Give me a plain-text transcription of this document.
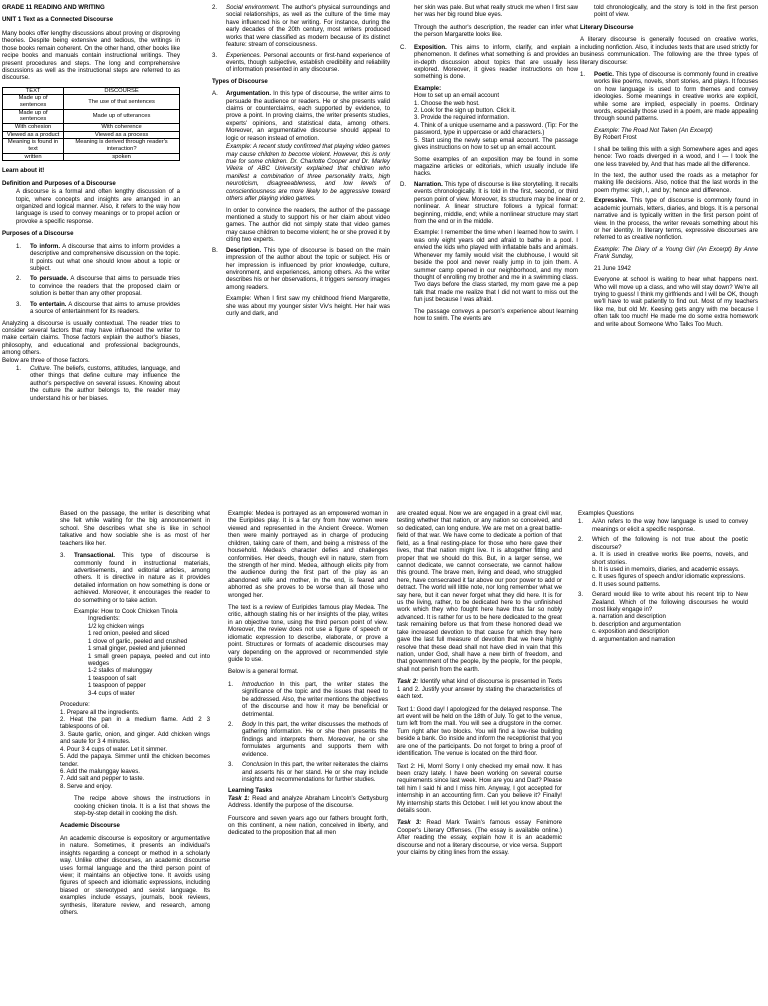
GRADE 11 READING AND WRITING

UNIT 1 Text as a Connected Discourse

Many books offer lengthy discussions about proving or disproving theories. Despite being extensive and tedious, the writings in those books remain coherent. On the other hand, other books like recipe books and manuals contain instructional writings. They present procedures and steps. The long and comprehensive discussions as well as the instructional steps are referred to as discourse.

TEXT	DISCOURSE
Made up of sentences	The use of that sentences
Made up of sentences	Made up of utterances
With cohesion	With coherence
Viewed as a product	Viewed as a process
Meaning is found in text	Meaning is derived through reader's interaction?
written	spoken

Learn about it!

Definition and Purposes of a Discourse

A discourse is a formal and often lengthy discussion of a topic, where concepts and insights are arranged in an organized and logical manner. Also, it refers to the way how language is used to convey meanings or to propel action or provoke a specific response.

Purposes of a Discourse

1. To inform. A discourse that aims to inform provides a descriptive and comprehensive discussion on the topic. It points out what one should know about a topic or subject.
2. To persuade. A discourse that aims to persuade tries to convince the readers that the proposed claim or solution is better than any other proposal.
3. To entertain. A discourse that aims to amuse provides a source of entertainment for its readers.

Analyzing a discourse is usually contextual. The reader tries to consider several factors that may have influenced the writer to make certain claims. Those factors explain the author's biases, philosophy, and educational and professional backgrounds, among others.

Below are three of those factors.

1. Culture. The beliefs, customs, attitudes, language, and other things that define culture may influence the author's perspective on several issues. Knowing about the culture the author belongs to, the reader may understand his or her biases.
2. Social environment. The author's physical surroundings and social relationships, as well as the culture of the time may have influenced his or her writing. For instance, during the early decades of the 20th century, most writers produced works that were classified as modern because of its distinct feature: stream of consciousness.
3. Experiences. Personal accounts or first-hand experience of events, though subjective, establish credibility and reliability of information presented in any discourse.

Types of Discourse

A. Argumentation. In this type of discourse, the writer aims to persuade the audience or readers. He or she presents valid claims or counterclaims, each supported by evidence, to prove a point. In proving claims, the writer presents studies, experts' opinions, and statistical data, among others. Moreover, an argumentative discourse should appeal to logic or reason instead of emotion.
Example: A recent study confirmed that playing video games may cause children to become violent. However, this is only true for some children. Dr. Charlotte Cooper and Dr. Marley Vileira of ABC University explained that children who manifest a combination of three personality traits, high neuroticism, disagreeableness, and low levels of conscientiousness are more likely to be aggressive toward others after playing video games.
In order to convince the readers, the author of the passage mentioned a study to support his or her claim about video games. The author did not simply state that video games may cause children to become violent; he or she proved it by citing two experts.
B. Description. This type of discourse is based on the main impression of the author about the topic or subject. His or her impression is influenced by prior knowledge, culture, environment, and experiences, among others. As the writer describes his or her observations, it triggers sensory images among readers.
Example: When I first saw my childhood friend Margarette, she was about my younger sister Viv's height. Her hair was curly and dark, and

her skin was pale. But what really struck me when I first saw her was her big round blue eyes.

Through the author's description, the reader can infer what the person Margarette looks like.

C. Exposition. This aims to inform, clarify, and explain a phenomenon. It defines what something is and provides an in-depth discussion about topics that are usually less explored. Moreover, it gives reader instructions on how something is done.
Example:
How to set up an email account
1. Choose the web host.
2. Look for the sign up button. Click it.
3. Provide the required information.
4. Think of a unique username and a password. (Tip: For the password, type in uppercase or add characters.)
5. Start using the newly setup email account. The passage gives instructions on how to set up an email account.
Some examples of an exposition may be found in some magazine articles or editorials, which usually include life hacks.
D. Narration. This type of discourse is like storytelling. It recalls events chronologically. It is told in the first, second, or third person point of view. Moreover, its structure may be linear or nonlinear. A linear structure follows a typical format: beginning, middle, end; while a nonlinear structure may start from the end or in the middle.
Example: I remember the time when I learned how to swim. I was only eight years old and afraid to bathe in a pool. I envied the kids who played with inflatable balls and animals. Whenever my family would visit the clubhouse, I would sit beside the pool and never really jump in to join them. A summer camp opened in our neighborhood, and my mom thought of enrolling my brother and me in a swimming class. Two days before the class started, my mom gave me a pep talk that made me realize that I did not want to miss out the fun just because I was afraid.
The passage conveys a person's experience about learning how to swim. The events are

told chronologically, and the story is told in the first person point of view.

Literary Discourse

A literary discourse is generally focused on creative works, including nonfiction. Also, it includes texts that are used strictly for business communication. The following are the three types of literary discourse:

1. Poetic. This type of discourse is commonly found in creative works like poems, novels, short stories, and plays. It focuses on how language is used to form themes and convey ideologies. Some meanings in creative works are explicit, while some are implied, especially in poems. Ordinary words, especially those used in a poem, are made appealing through sound patterns.
Example: The Road Not Taken (An Excerpt)
By Robert Frost
I shall be telling this with a sigh Somewhere ages and ages hence: Two roads diverged in a wood, and I — I took the one less traveled by, And that has made all the difference.
In the text, the author used the roads as a metaphor for making life decisions. Also, notice that the last words in the poem rhyme: sigh, I, and by; hence and difference.
2. Expressive. This type of discourse is commonly found in academic journals, letters, diaries, and blogs. It is a personal narrative and is typically written in the first person point of view. In the process, the writer reveals something about his or her identity. In literary terms, expressive discourses are referred to as creative nonfiction.
Example: The Diary of a Young Girl (An Excerpt) By Anne Frank Sunday,
21 June 1942
Everyone at school is waiting to hear what happens next. Who will move up a class, and who will stay down? We're all trying to guess! I think my girlfriends and I will be OK, though we'll have to wait patiently to find out. Most of my teachers like me, but old Mr. Keesing gets angry with me because I often talk too much! He made me do some extra homework and write about Someone Who Talks Too Much.

Based on the passage, the writer is describing what she felt while waiting for the big announcement in school. She describes what she is like in school talkative and how sociable she is as most of her teachers like her.

3. Transactional. This type of discourse is commonly found in instructional materials, advertisements, and editorial articles, among others. It is directive in nature as it provides detailed information on how something is done or achieved. Moreover, it encourages the reader to do something or to take action.
Example: How to Cook Chicken Tinola
Ingredients:
1/2 kg chicken wings
1 red onion, peeled and sliced
1 clove of garlic, peeled and crushed
1 small ginger, peeled and julienned
1 small green papaya, peeled and cut into wedges
1-2 stalks of malunggay
1 teaspoon of salt
1 teaspoon of pepper
3-4 cups of water
Procedure:
1. Prepare all the ingredients.
2. Heat the pan in a medium flame. Add 2 3 tablespoons of oil.
3. Saute garlic, onion, and ginger. Add chicken wings and saute for 3 4 minutes.
4. Pour 3 4 cups of water. Let it simmer.
5. Add the papaya. Simmer until the chicken becomes tender.
6. Add the malunggay leaves.
7. Add salt and pepper to taste.
8. Serve and enjoy.

The recipe above shows the instructions in cooking chicken tinola. It is a list that shows the step-by-step detail in cooking the dish.

Academic Discourse

An academic discourse is expository or argumentative in nature. Sometimes, it presents an individual's insights regarding a concept or method in a scholarly way. Unlike other discourses, an academic discourse uses formal language and the third person point of view; it maintains an objective tone. It avoids using figures of speech and idiomatic expressions, including biased or stereotyped and sexist language. Its examples include essays, journals, book reviews, synthesis, literature review, and research, among others.

Example: Medea is portrayed as an empowered woman in the Euripides play. It is a far cry from how women were viewed and represented in the Ancient Greece. Women then were mainly portrayed as in charge of producing children, taking care of them, and being a mistress of the household. Medea's character defies and challenges conformities. Her deeds, though evil in nature, stem from the strength of her mind. Medea, although elicits pity from the audience during the first part of the play as an abandoned wife and mother, in the end, is feared and abhorred as she proves to be worse than all those who wronged her.

The text is a review of Euripides famous play Medea. The critic, although stating his or her insights of the play, writes in an objective tone, using the third person point of view. Moreover, the review does not use a figure of speech or idiomatic expression to describe, elaborate, or prove a point. Structures or formats of academic discourses may vary depending on the approved or recommended style guide to use.

Below is a general format.

1. Introduction In this part, the writer states the significance of the topic and the issues that need to be addressed. Also, the writer mentions the objectives of the discourse and how it may be beneficial or detrimental.
2. Body In this part, the writer discusses the methods of gathering information. He or she then presents the findings and interprets them. Moreover, he or she formulates arguments and supports them with evidence.
3. Conclusion In this part, the writer reiterates the claims and asserts his or her stand. He or she may include insights and recommendations for further studies.

Learning Tasks

Task 1: Read and analyze Abraham Lincoln's Gettysburg Address. Identify the purpose of the discourse.

Fourscore and seven years ago our fathers brought forth, on this continent, a new nation, conceived in liberty, and dedicated to the proposition that all men

are created equal. Now we are engaged in a great civil war, testing whether that nation, or any nation so conceived, and so dedicated, can long endure. We are met on a great battle-field of that war. We have come to dedicate a portion of that field, as a final resting-place for those who here gave their lives, that that nation might live. It is altogether fitting and proper that we should do this. But, in a larger sense, we cannot dedicate, we cannot consecrate, we cannot hallow this ground. The brave men, living and dead, who struggled here, have consecrated it far above our poor power to add or detract. The world will little note, nor long remember what we say here, but it can never forget what they did here. It is for us the living, rather, to be dedicated here to the unfinished work which they who fought here have thus far so nobly advanced. It is rather for us to be here dedicated to the great task remaining before us that from these honored dead we take increased devotion to that cause for which they here gave the last full measure of devotion that we here highly resolve that these dead shall not have died in vain that this nation, under God, shall have a new birth of freedom, and that government of the people, by the people, for the people, shall not perish from the earth.

Task 2: Identify what kind of discourse is presented in Texts 1 and 2. Justify your answer by stating the characteristics of each text.

Text 1: Good day! I apologized for the delayed response. The art event will be held on the 18th of July. To get to the venue, turn left from the mall. You will see a drugstore in the corner. Turn right after two blocks. You will find a low-rise building beside a bank. Go inside and inform the receptionist that you are one of the participants. Do not forget to bring a proof of identification. The venue is located on the third floor.

Text 2: Hi, Mom! Sorry I only checked my email now. It has been crazy lately. I have been working on several course requirements since last week. How are you and Dad? Please tell him I said hi and I miss him. Anyway, I got accepted for internship in an accounting firm. Can you believe it? Finally! My internship starts this October. I will let you know about the details soon.

Task 3: Read Mark Twain's famous essay Fenimore Cooper's Literary Offenses. (The essay is available online.) After reading the essay, explain how it is an academic discourse and not a literary discourse, or vice versa. Support your claims by citing lines from the essay.

Examples Questions

1. A/An refers to the way how language is used to convey meanings or elicit a specific response.
2. Which of the following is not true about the poetic discourse?
a. It is used in creative works like poems, novels, and short stories.
b. It is used in memoirs, diaries, and academic essays.
c. It uses figures of speech and/or idiomatic expressions.
d. It uses sound patterns.
3. Gerard would like to write about his recent trip to New Zealand. Which of the following discourses he would most likely engage in?
a. narration and description
b. description and argumentation
c. exposition and description
d. argumentation and narration
